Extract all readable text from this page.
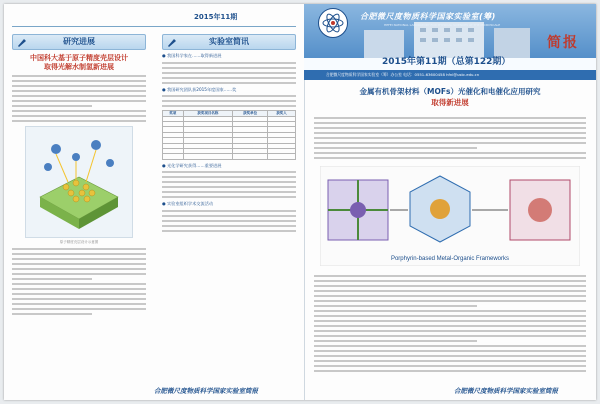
2015年11期
研究进展
中国科大基于原子精度壳层设计
取得光解水制氢新进展
原子精度壳层设计示意图
实验室简讯
● 我国科学家在……取得新进展
● 我国研究团队获2015年度国家……奖
奖项	获奖项目名称	获奖单位	获奖人

● 光化学研究获得……重要进展
● 实验室组织学术交流活动
合肥微尺度物质科学国家实验室简报
合肥微尺度物质科学国家实验室(筹)
HEFEI NATIONAL LABORATORY FOR PHYSICAL SCIENCES AT THE MICROSCALE
2015年第11期（总第122期）
简报
合肥微尺度物质科学国家实验室（筹）办公室 电话：0551-63600458 hfnl@ustc.edu.cn
金属有机骨架材料（MOFs）光催化和电催化应用研究
取得新进展
Porphyrin-based Metal-Organic Frameworks
合肥微尺度物质科学国家实验室简报
